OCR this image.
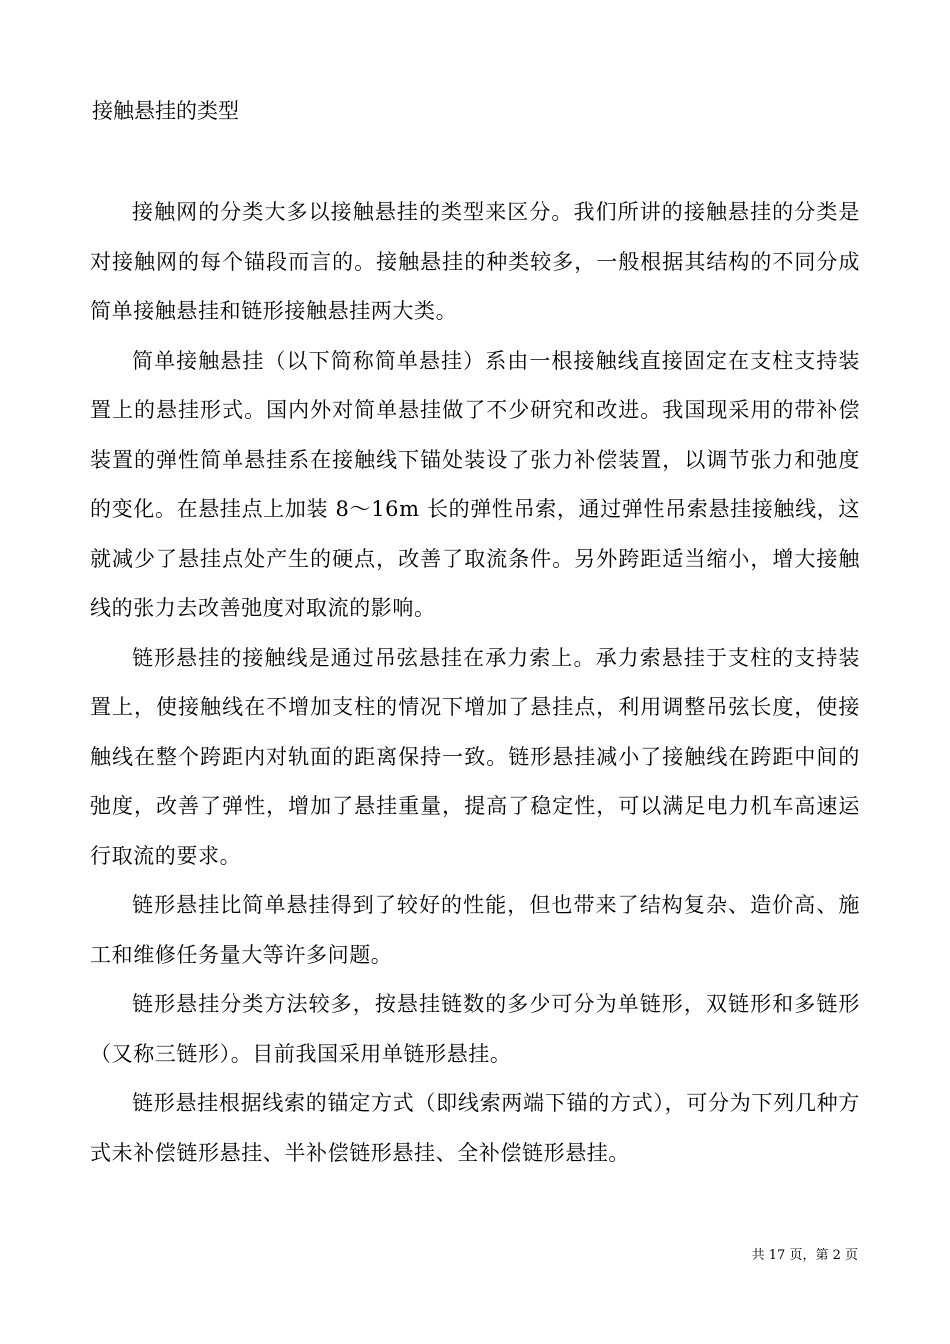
接触悬挂的类型

接触网的分类大多以接触悬挂的类型来区分。我们所讲的接触悬挂的分类是对接触网的每个锚段而言的。接触悬挂的种类较多，一般根据其结构的不同分成简单接触悬挂和链形接触悬挂两大类。

简单接触悬挂（以下简称简单悬挂）系由一根接触线直接固定在支柱支持装置上的悬挂形式。国内外对简单悬挂做了不少研究和改进。我国现采用的带补偿装置的弹性简单悬挂系在接触线下锚处装设了张力补偿装置，以调节张力和弛度的变化。在悬挂点上加装 8～16m 长的弹性吊索，通过弹性吊索悬挂接触线，这就减少了悬挂点处产生的硬点，改善了取流条件。另外跨距适当缩小，增大接触线的张力去改善弛度对取流的影响。

链形悬挂的接触线是通过吊弦悬挂在承力索上。承力索悬挂于支柱的支持装置上，使接触线在不增加支柱的情况下增加了悬挂点，利用调整吊弦长度，使接触线在整个跨距内对轨面的距离保持一致。链形悬挂减小了接触线在跨距中间的弛度，改善了弹性，增加了悬挂重量，提高了稳定性，可以满足电力机车高速运行取流的要求。

链形悬挂比简单悬挂得到了较好的性能，但也带来了结构复杂、造价高、施工和维修任务量大等许多问题。

链形悬挂分类方法较多，按悬挂链数的多少可分为单链形，双链形和多链形（又称三链形）。目前我国采用单链形悬挂。

链形悬挂根据线索的锚定方式（即线索两端下锚的方式），可分为下列几种方式未补偿链形悬挂、半补偿链形悬挂、全补偿链形悬挂。

共 17 页，第 2 页
